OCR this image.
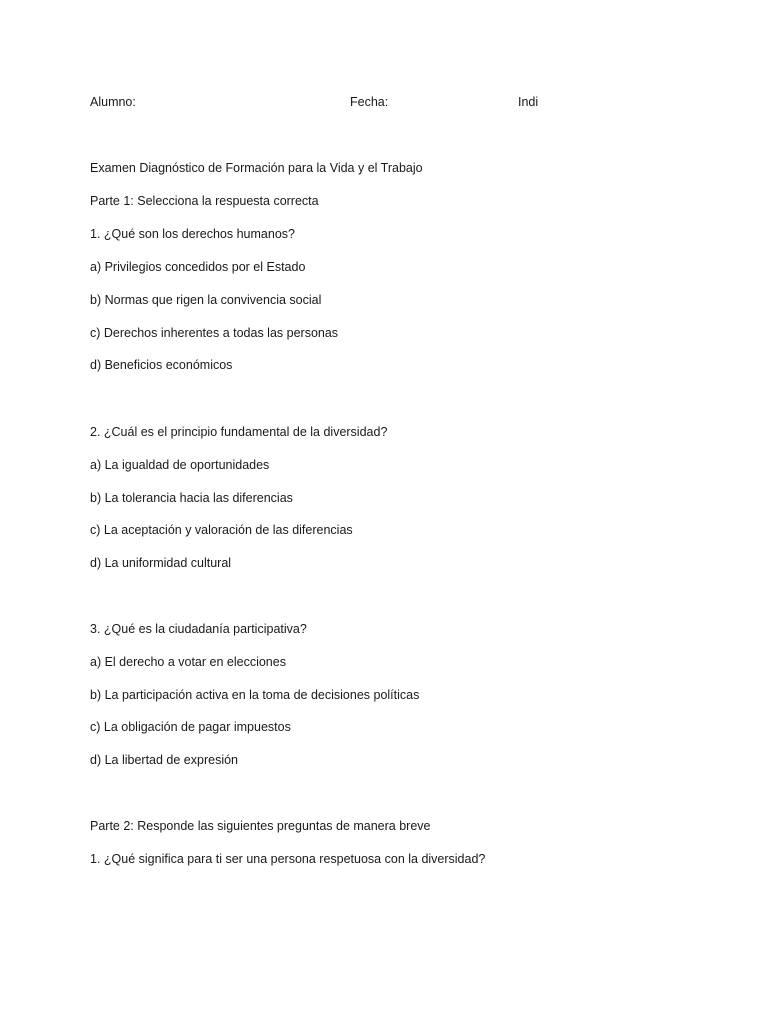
Alumno:	Fecha:	Indi
Examen Diagnóstico de Formación para la Vida y el Trabajo
Parte 1: Selecciona la respuesta correcta
1. ¿Qué son los derechos humanos?
a) Privilegios concedidos por el Estado
b) Normas que rigen la convivencia social
c) Derechos inherentes a todas las personas
d) Beneficios económicos
2. ¿Cuál es el principio fundamental de la diversidad?
a) La igualdad de oportunidades
b) La tolerancia hacia las diferencias
c) La aceptación y valoración de las diferencias
d) La uniformidad cultural
3. ¿Qué es la ciudadanía participativa?
a) El derecho a votar en elecciones
b) La participación activa en la toma de decisiones políticas
c) La obligación de pagar impuestos
d) La libertad de expresión
Parte 2: Responde las siguientes preguntas de manera breve
1. ¿Qué significa para ti ser una persona respetuosa con la diversidad?
